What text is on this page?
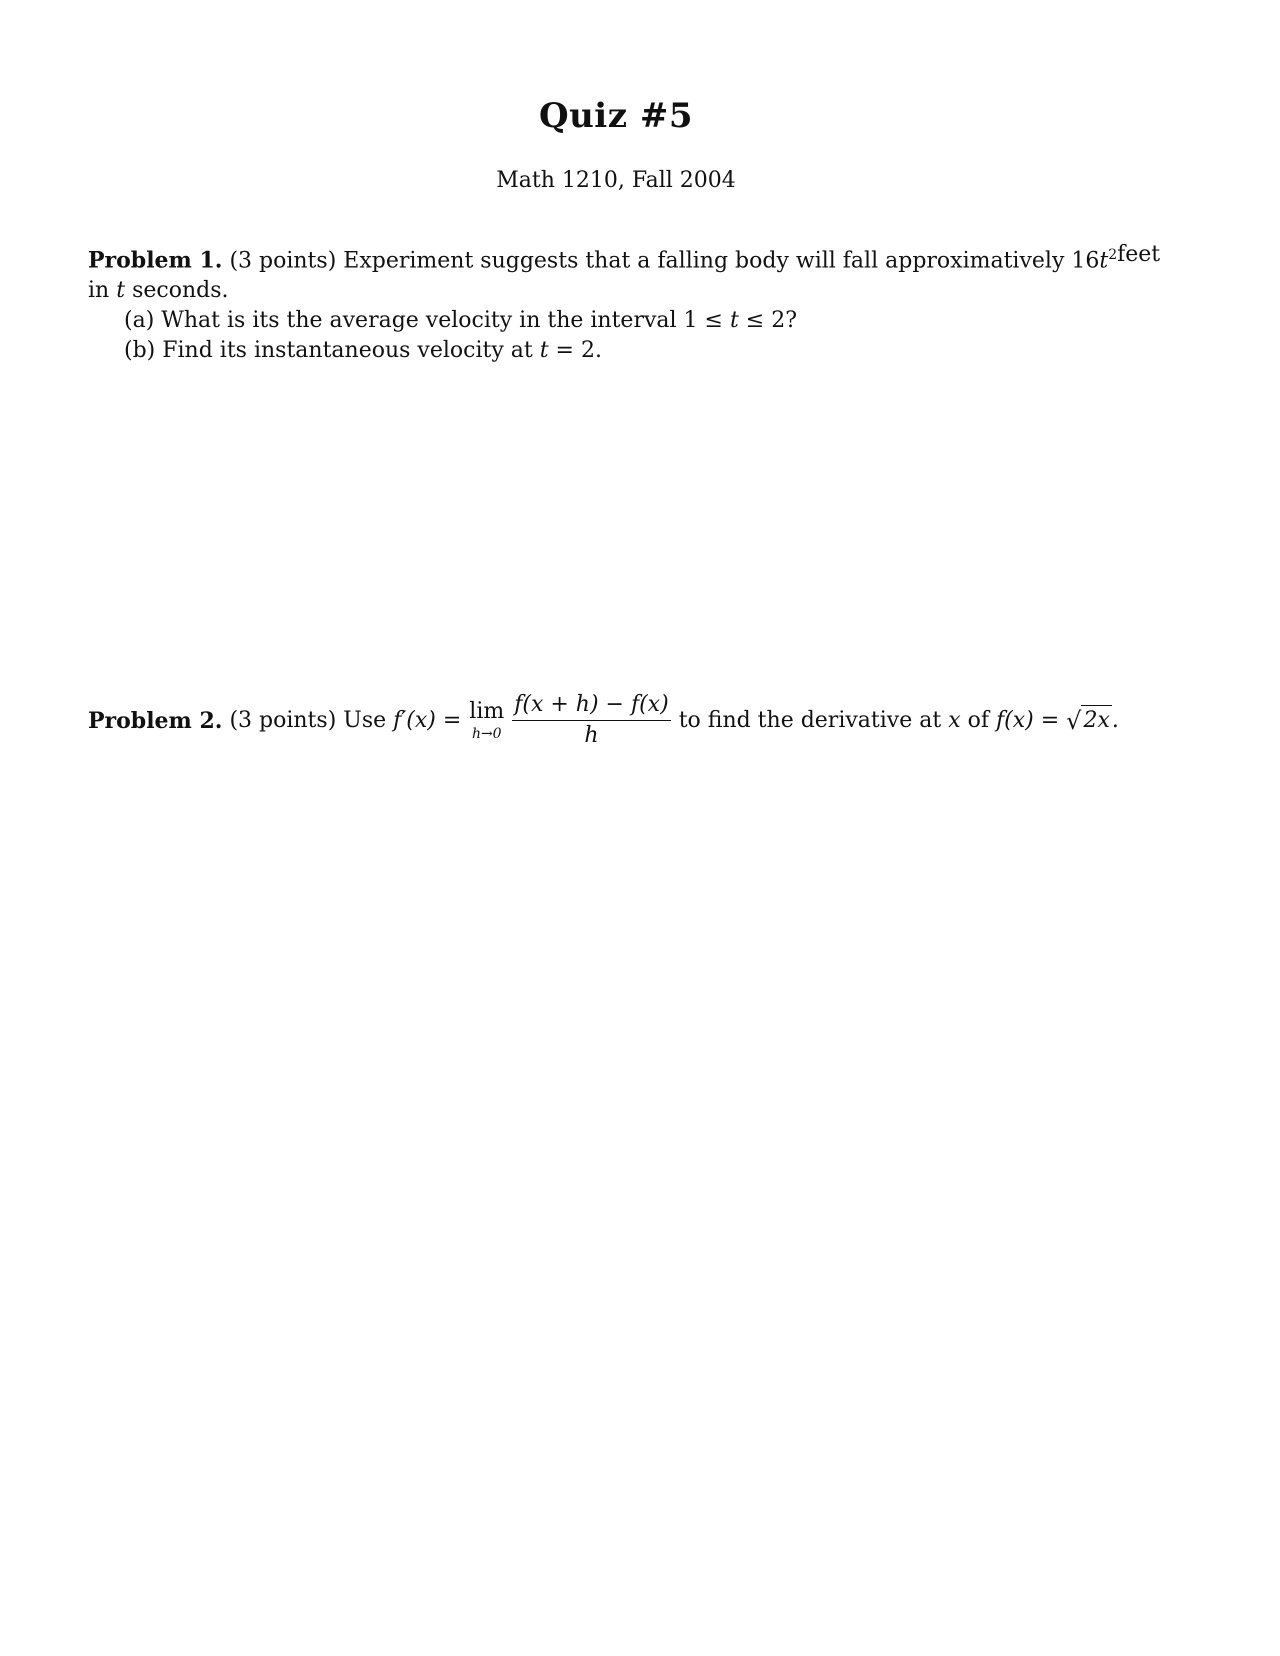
Quiz #5
Math 1210, Fall 2004
Problem 1. (3 points) Experiment suggests that a falling body will fall approximatively $16t^2$ feet
in t seconds.
(a) What is its the average velocity in the interval 1 ≤ t ≤ 2?
(b) Find its instantaneous velocity at t = 2.
Problem 2.
(3 points)
Use
f′(x)
= lim
$h\to 0 \frac{f(x + h) - f(x)}{h}$ to find the derivative at
x
of
f(x)
=
√ 2x .
